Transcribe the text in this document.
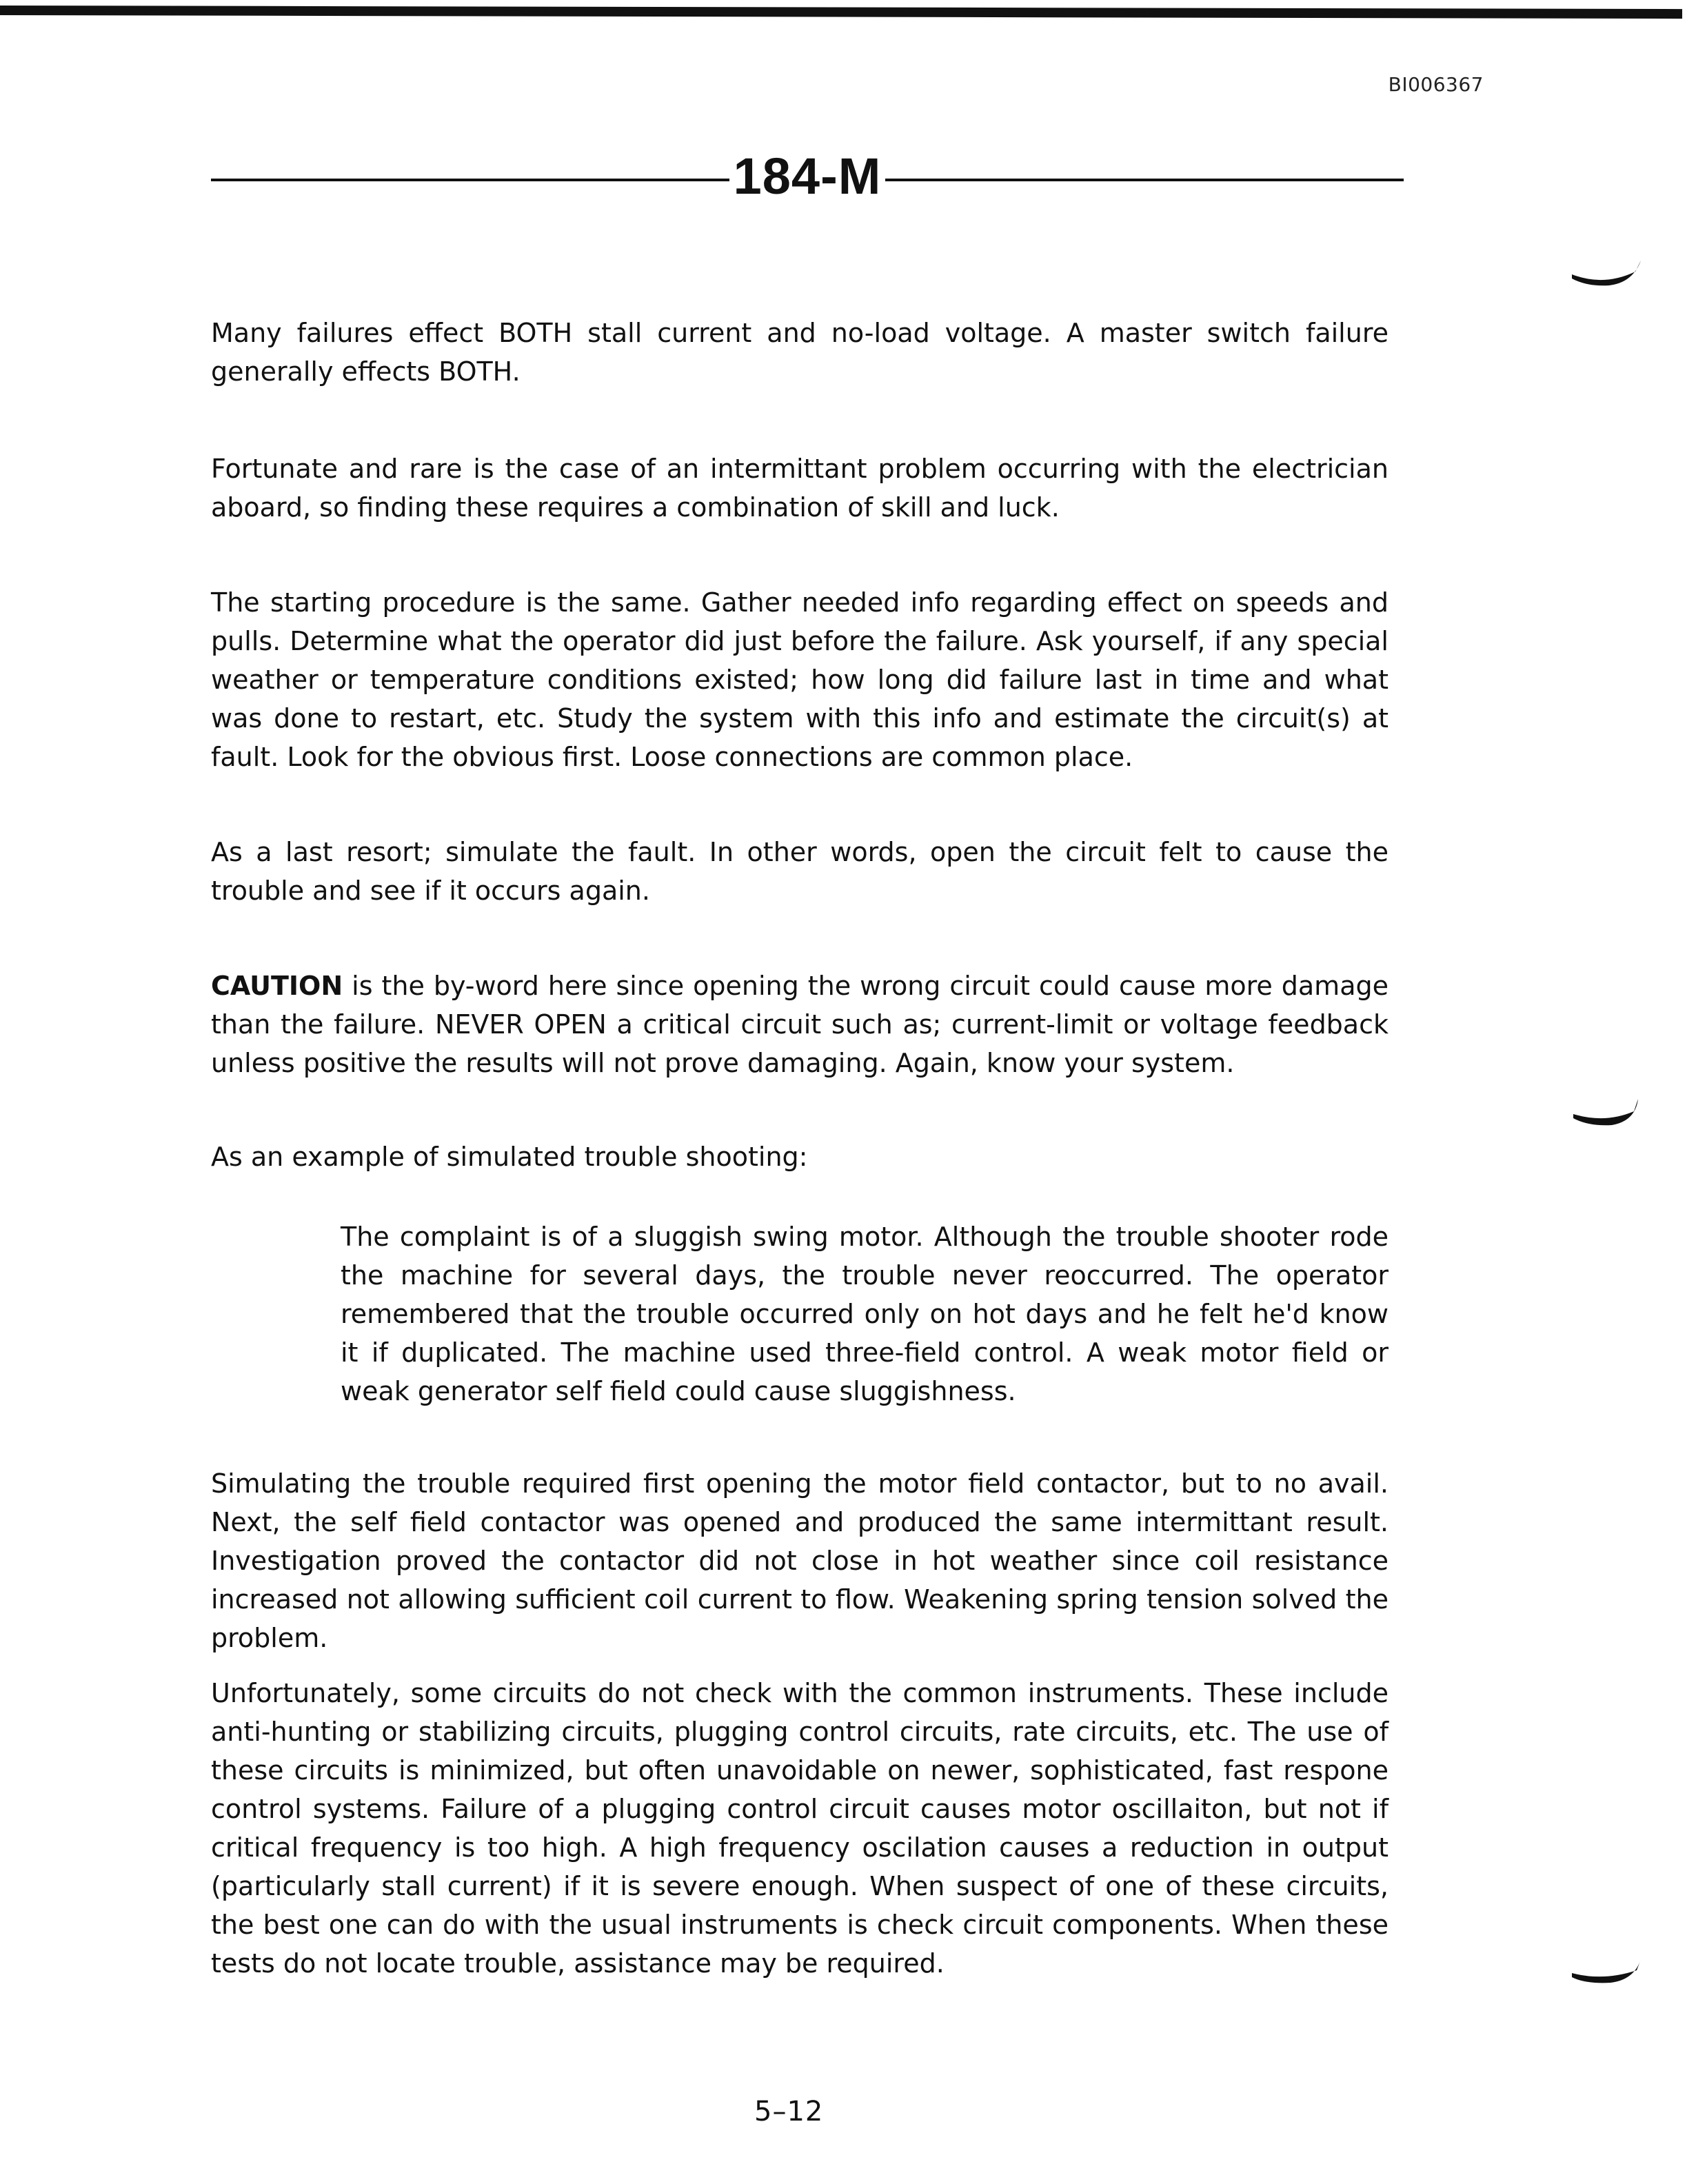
BI006367
184-M

Many failures effect BOTH stall current and no-load voltage. A master switch failure generally effects BOTH.

Fortunate and rare is the case of an intermittant problem occurring with the electrician aboard, so finding these requires a combination of skill and luck.

The starting procedure is the same. Gather needed info regarding effect on speeds and pulls. Determine what the operator did just before the failure. Ask yourself, if any special weather or temperature conditions existed; how long did failure last in time and what was done to restart, etc. Study the system with this info and estimate the circuit(s) at fault. Look for the obvious first. Loose connections are common place.

As a last resort; simulate the fault. In other words, open the circuit felt to cause the trouble and see if it occurs again.

CAUTION is the by-word here since opening the wrong circuit could cause more damage than the failure. NEVER OPEN a critical circuit such as; current-limit or voltage feedback unless positive the results will not prove damaging. Again, know your system.

As an example of simulated trouble shooting:

The complaint is of a sluggish swing motor. Although the trouble shooter rode the machine for several days, the trouble never reoccurred. The operator remembered that the trouble occurred only on hot days and he felt he'd know it if duplicated. The machine used three-field control. A weak motor field or weak generator self field could cause sluggishness.

Simulating the trouble required first opening the motor field contactor, but to no avail. Next, the self field contactor was opened and produced the same intermittant result. Investigation proved the contactor did not close in hot weather since coil resistance increased not allowing sufficient coil current to flow. Weakening spring tension solved the problem.

Unfortunately, some circuits do not check with the common instruments. These include anti-hunting or stabilizing circuits, plugging control circuits, rate circuits, etc. The use of these circuits is minimized, but often unavoidable on newer, sophisticated, fast respone control systems. Failure of a plugging control circuit causes motor oscillaiton, but not if critical frequency is too high. A high frequency oscilation causes a reduction in output (particularly stall current) if it is severe enough. When suspect of one of these circuits, the best one can do with the usual instruments is check circuit components. When these tests do not locate trouble, assistance may be required.

5–12
